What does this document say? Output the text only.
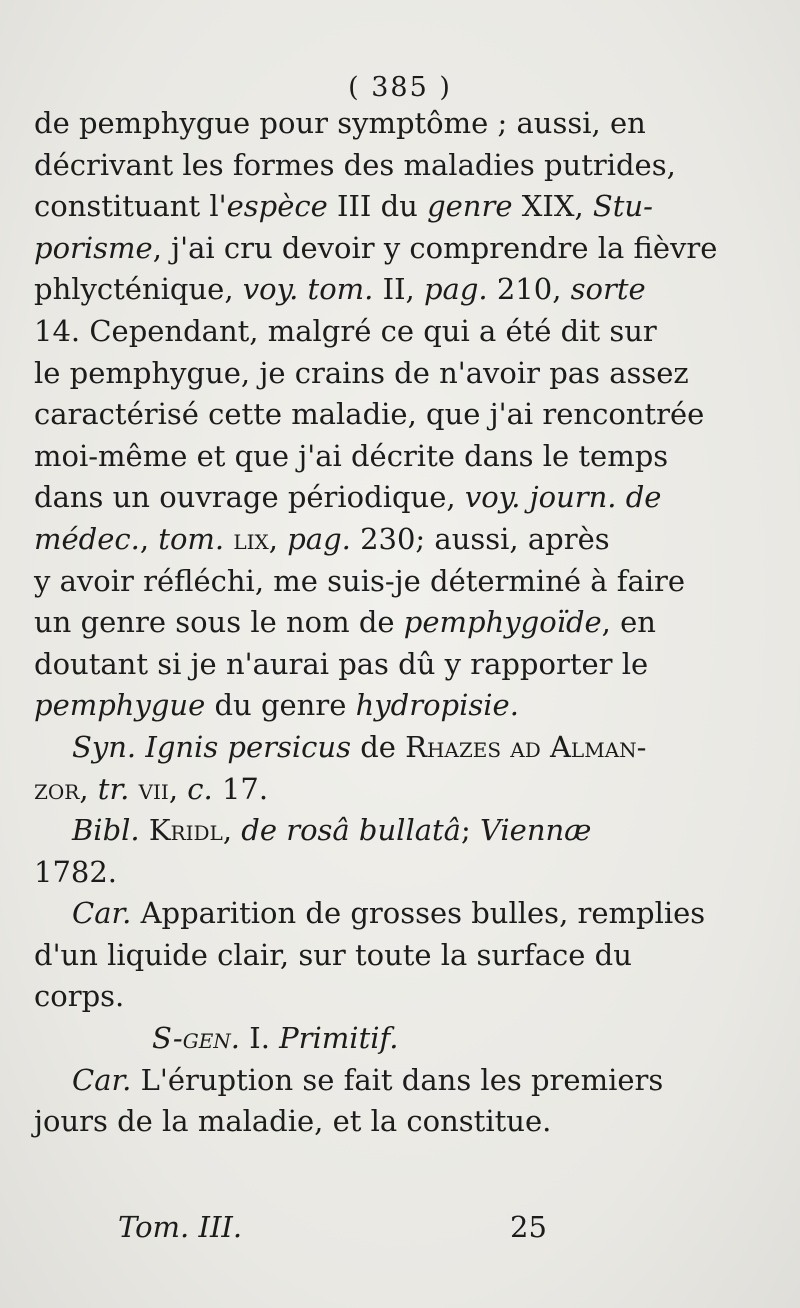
( 385 )

de pemphygue pour symptôme ; aussi, en
décrivant les formes des maladies putrides,
constituant l'espèce III du genre XIX, Stu-
porisme, j'ai cru devoir y comprendre la fièvre
phlycténique, voy. tom. II, pag. 210, sorte
14. Cependant, malgré ce qui a été dit sur
le pemphygue, je crains de n'avoir pas assez
caractérisé cette maladie, que j'ai rencontrée
moi-même et que j'ai décrite dans le temps
dans un ouvrage périodique, voy. journ. de
médec., tom. lix, pag. 230; aussi, après
y avoir réfléchi, me suis-je déterminé à faire
un genre sous le nom de pemphygoïde, en
doutant si je n'aurai pas dû y rapporter le
pemphygue du genre hydropisie.

Syn. Ignis persicus de Rhazes ad Alman-
zor, tr. vii, c. 17.

Bibl. Kridl, de rosâ bullatâ; Viennæ
1782.

Car. Apparition de grosses bulles, remplies
d'un liquide clair, sur toute la surface du
corps.

S-gen. I. Primitif.

Car. L'éruption se fait dans les premiers
jours de la maladie, et la constitue.

Tom. III.	25
